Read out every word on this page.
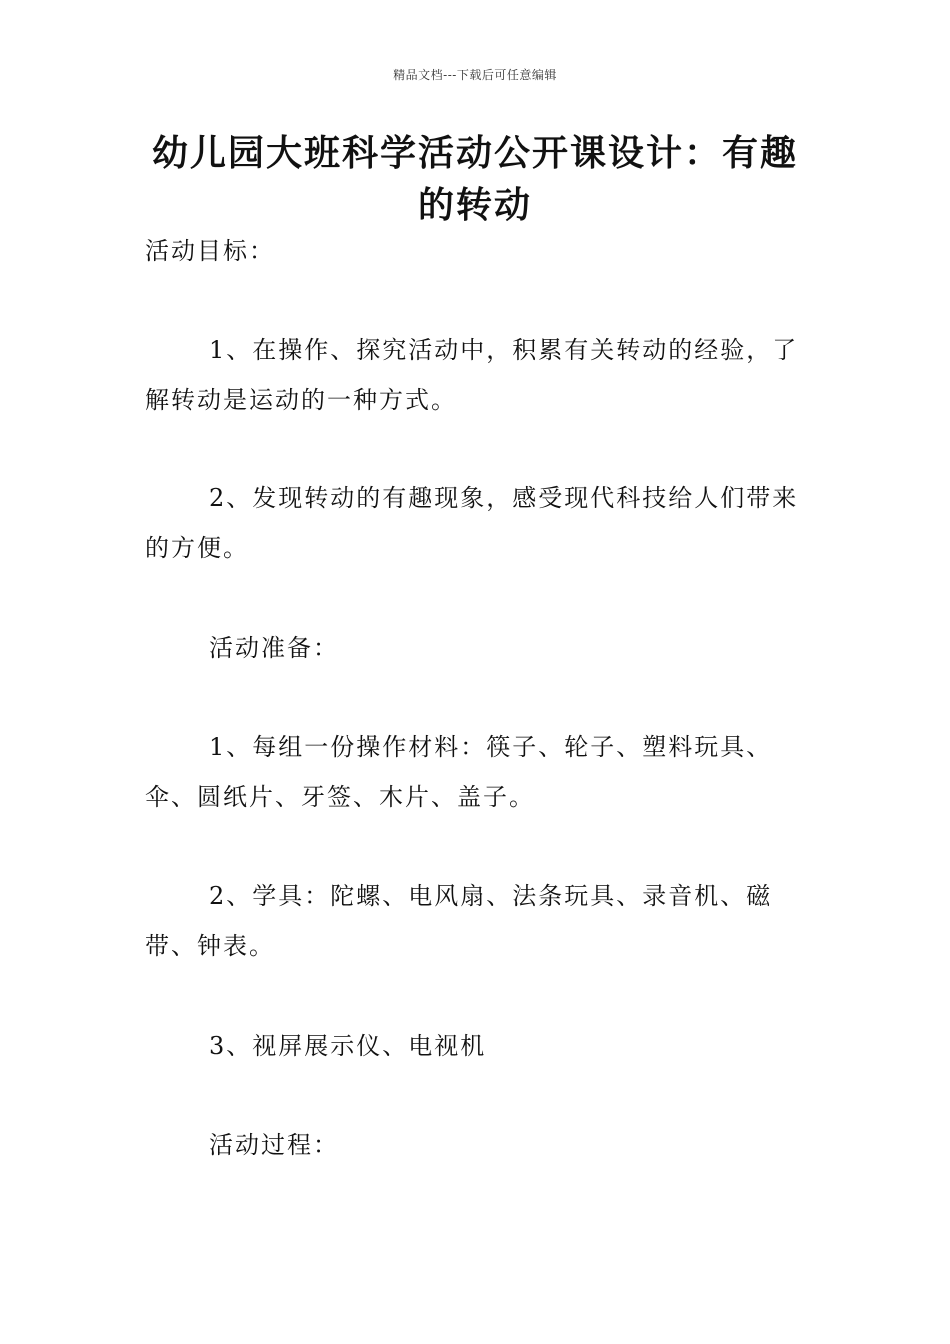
精品文档---下载后可任意编辑
幼儿园大班科学活动公开课设计：有趣的转动

活动目标：

1、在操作、探究活动中，积累有关转动的经验，了解转动是运动的一种方式。

2、发现转动的有趣现象，感受现代科技给人们带来的方便。

活动准备：

1、每组一份操作材料：筷子、轮子、塑料玩具、伞、圆纸片、牙签、木片、盖子。

2、学具：陀螺、电风扇、法条玩具、录音机、磁带、钟表。

3、视屏展示仪、电视机

活动过程：
